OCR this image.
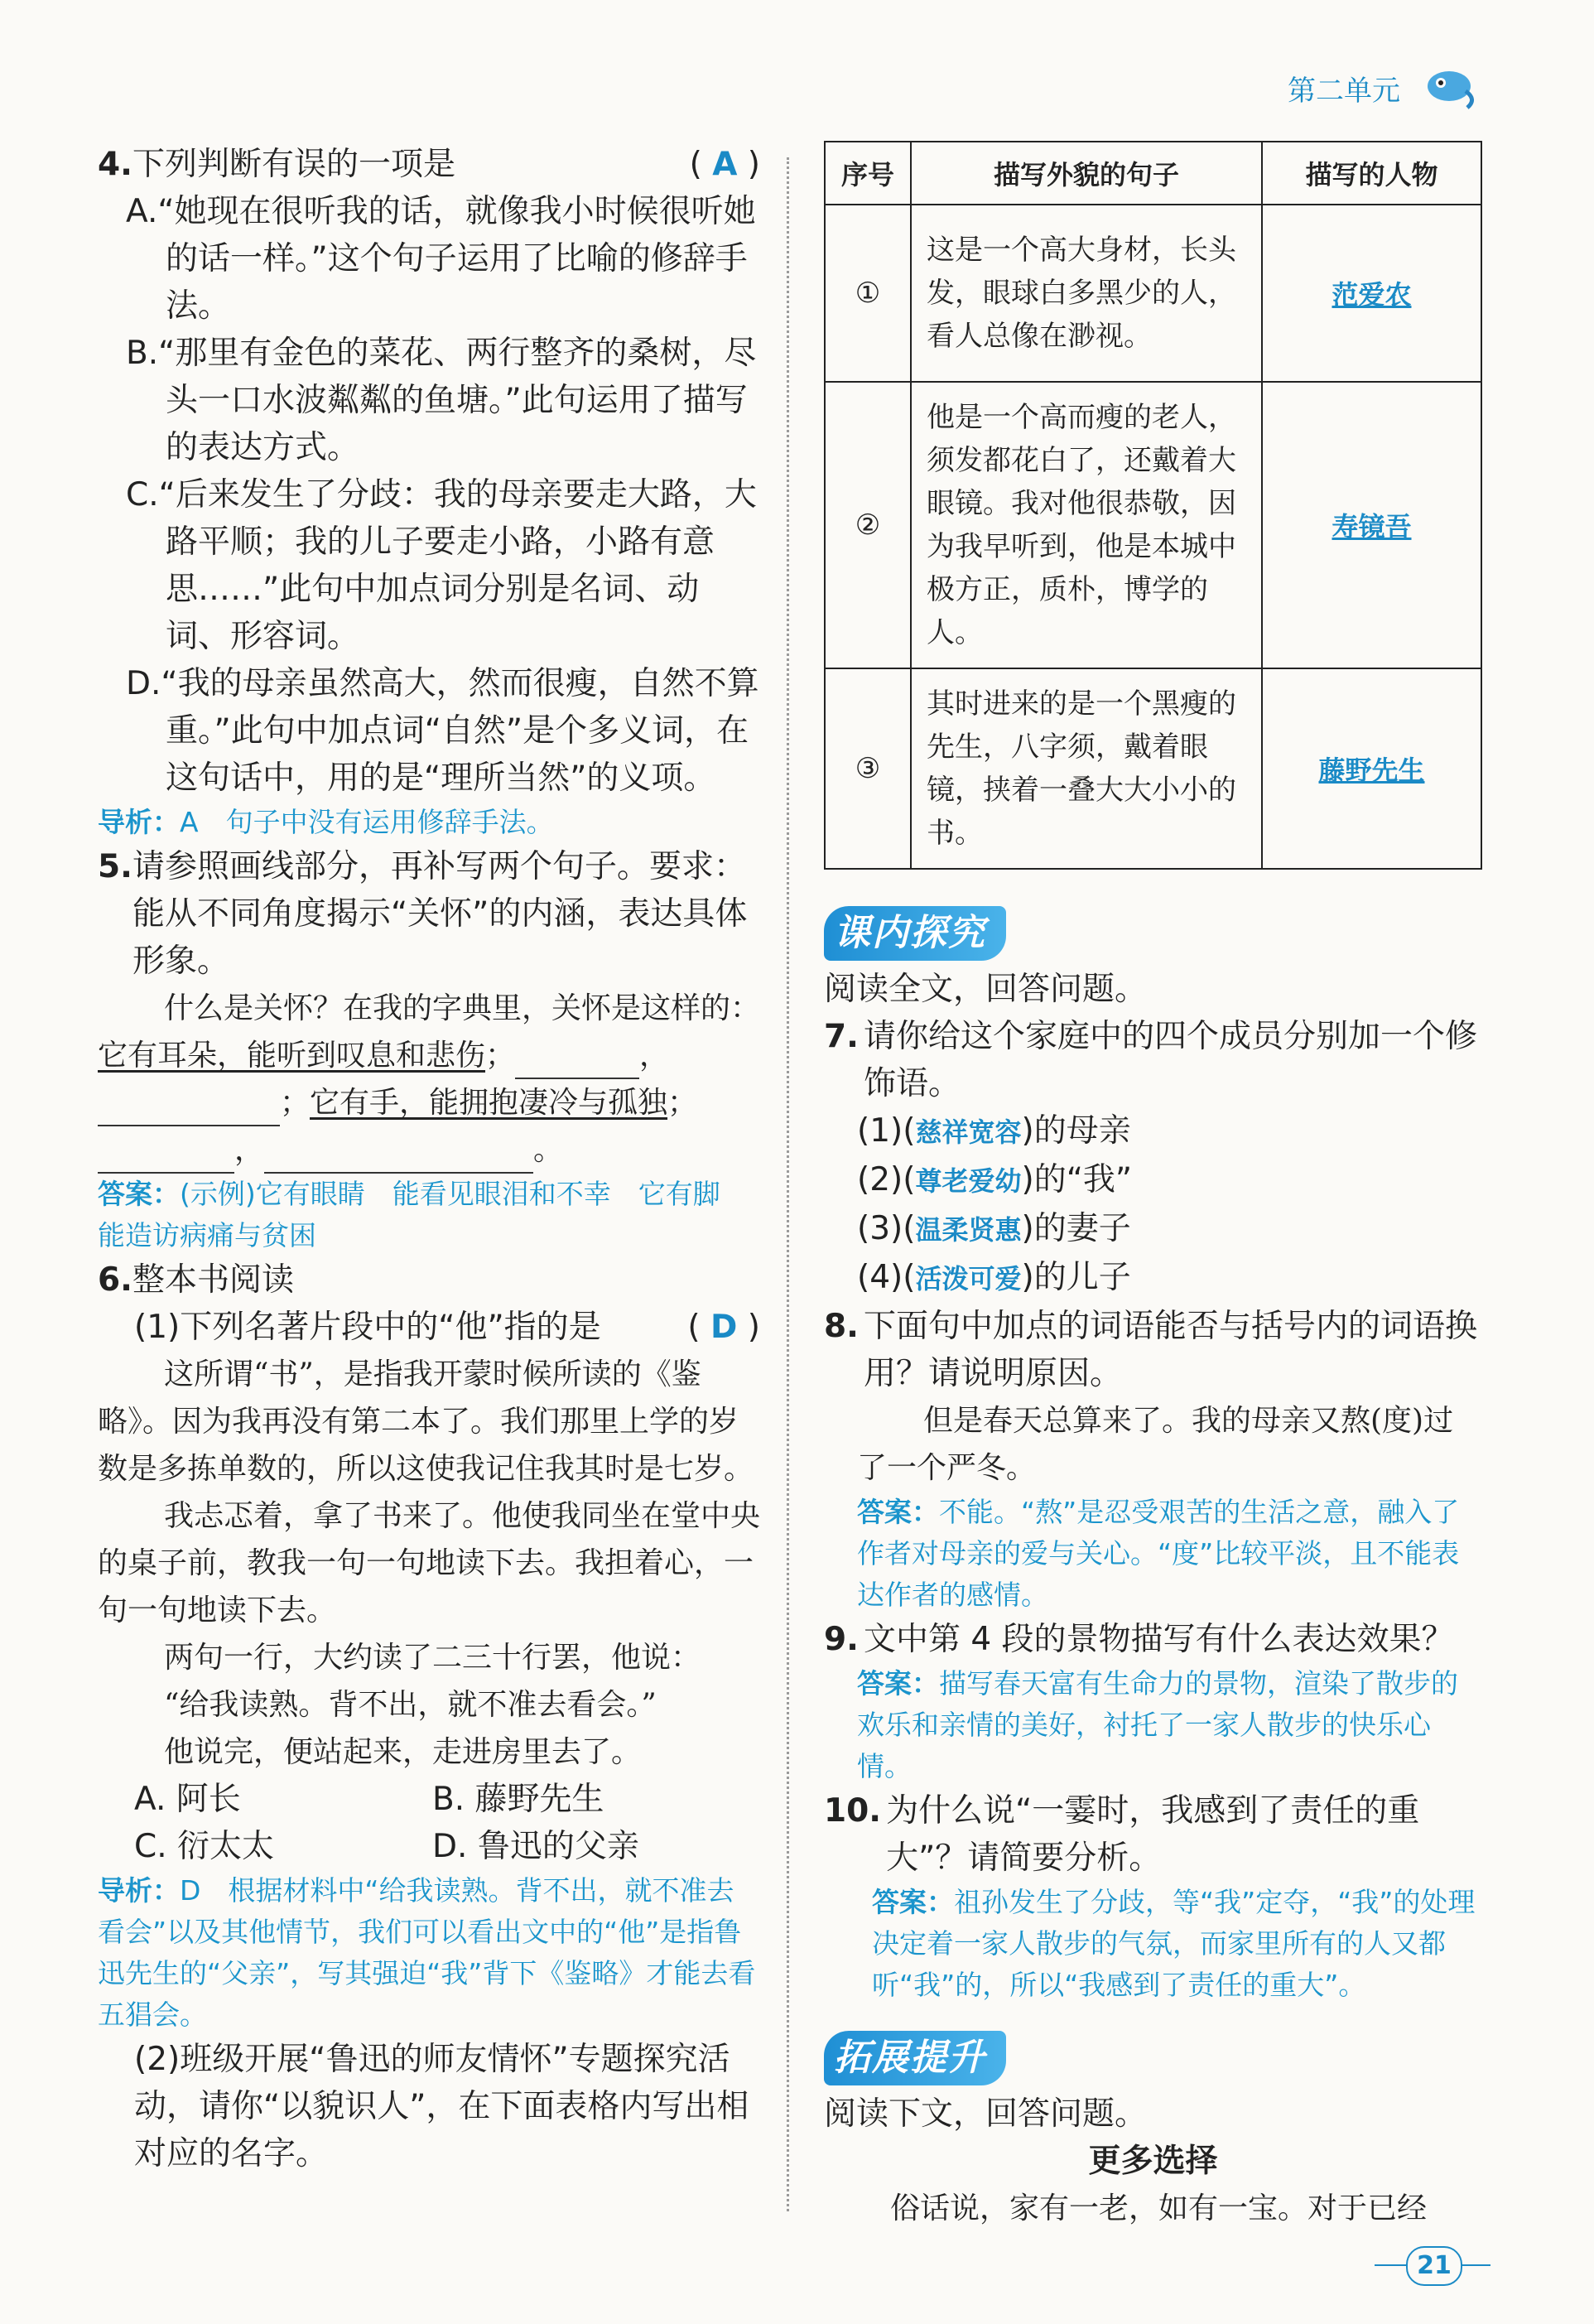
第二单元
4. 下列判断有误的一项是	( A )

A.“她现在很听我的话，就像我小时候很听她的话一样。”这个句子运用了比喻的修辞手法。

B.“那里有金色的菜花、两行整齐的桑树，尽头一口水波粼粼的鱼塘。”此句运用了描写的表达方式。

C.“后来发生了分歧：我的母亲要走大路，大路平顺；我的儿子要走小路，小路有意思……”此句中加点词分别是名词、动词、形容词。

D.“我的母亲虽然高大，然而很瘦，自然不算重。”此句中加点词“自然”是个多义词，在这句话中，用的是“理所当然”的义项。

导析：A　句子中没有运用修辞手法。

5. 请参照画线部分，再补写两个句子。要求：能从不同角度揭示“关怀”的内涵，表达具体形象。
什么是关怀？在我的字典里，关怀是这样的：它有耳朵，能听到叹息和悲伤；	，
；它有手，能拥抱凄冷与孤独；
，	。

答案：(示例)它有眼睛　能看见眼泪和不幸　它有脚　能造访病痛与贫困

6. 整本书阅读
(1)下列名著片段中的“他”指的是	( D )

这所谓“书”，是指我开蒙时候所读的《鉴略》。因为我再没有第二本了。我们那里上学的岁数是多拣单数的，所以这使我记住我其时是七岁。

我忐忑着，拿了书来了。他使我同坐在堂中央的桌子前，教我一句一句地读下去。我担着心，一句一句地读下去。

两句一行，大约读了二三十行罢，他说：

“给我读熟。背不出，就不准去看会。”

他说完，便站起来，走进房里去了。

A. 阿长	B. 藤野先生
C. 衍太太	D. 鲁迅的父亲

导析：D　根据材料中“给我读熟。背不出，就不准去看会”以及其他情节，我们可以看出文中的“他”是指鲁迅先生的“父亲”，写其强迫“我”背下《鉴略》才能去看五猖会。

(2)班级开展“鲁迅的师友情怀”专题探究活动，请你“以貌识人”，在下面表格内写出相对应的名字。

序号	描写外貌的句子	描写的人物
①	这是一个高大身材，长头发，眼球白多黑少的人，看人总像在渺视。	范爱农
②	他是一个高而瘦的老人，须发都花白了，还戴着大眼镜。我对他很恭敬，因为我早听到，他是本城中极方正，质朴，博学的人。	寿镜吾
③	其时进来的是一个黑瘦的先生，八字须，戴着眼镜，挟着一叠大大小小的书。	藤野先生
课内探究

阅读全文，回答问题。

7. 请你给这个家庭中的四个成员分别加一个修饰语。
(1)(慈祥宽容)的母亲
(2)(尊老爱幼)的“我”
(3)(温柔贤惠)的妻子
(4)(活泼可爱)的儿子
8. 下面句中加点的词语能否与括号内的词语换用？请说明原因。

但是春天总算来了。我的母亲又熬(度)过了一个严冬。

答案：不能。“熬”是忍受艰苦的生活之意，融入了作者对母亲的爱与关心。“度”比较平淡，且不能表达作者的感情。

9. 文中第 4 段的景物描写有什么表达效果？

答案：描写春天富有生命力的景物，渲染了散步的欢乐和亲情的美好，衬托了一家人散步的快乐心情。

10. 为什么说“一霎时，我感到了责任的重大”？请简要分析。

答案：祖孙发生了分歧，等“我”定夺，“我”的处理决定着一家人散步的气氛，而家里所有的人又都听“我”的，所以“我感到了责任的重大”。

拓展提升

阅读下文，回答问题。

更多选择

俗话说，家有一老，如有一宝。对于已经

21
